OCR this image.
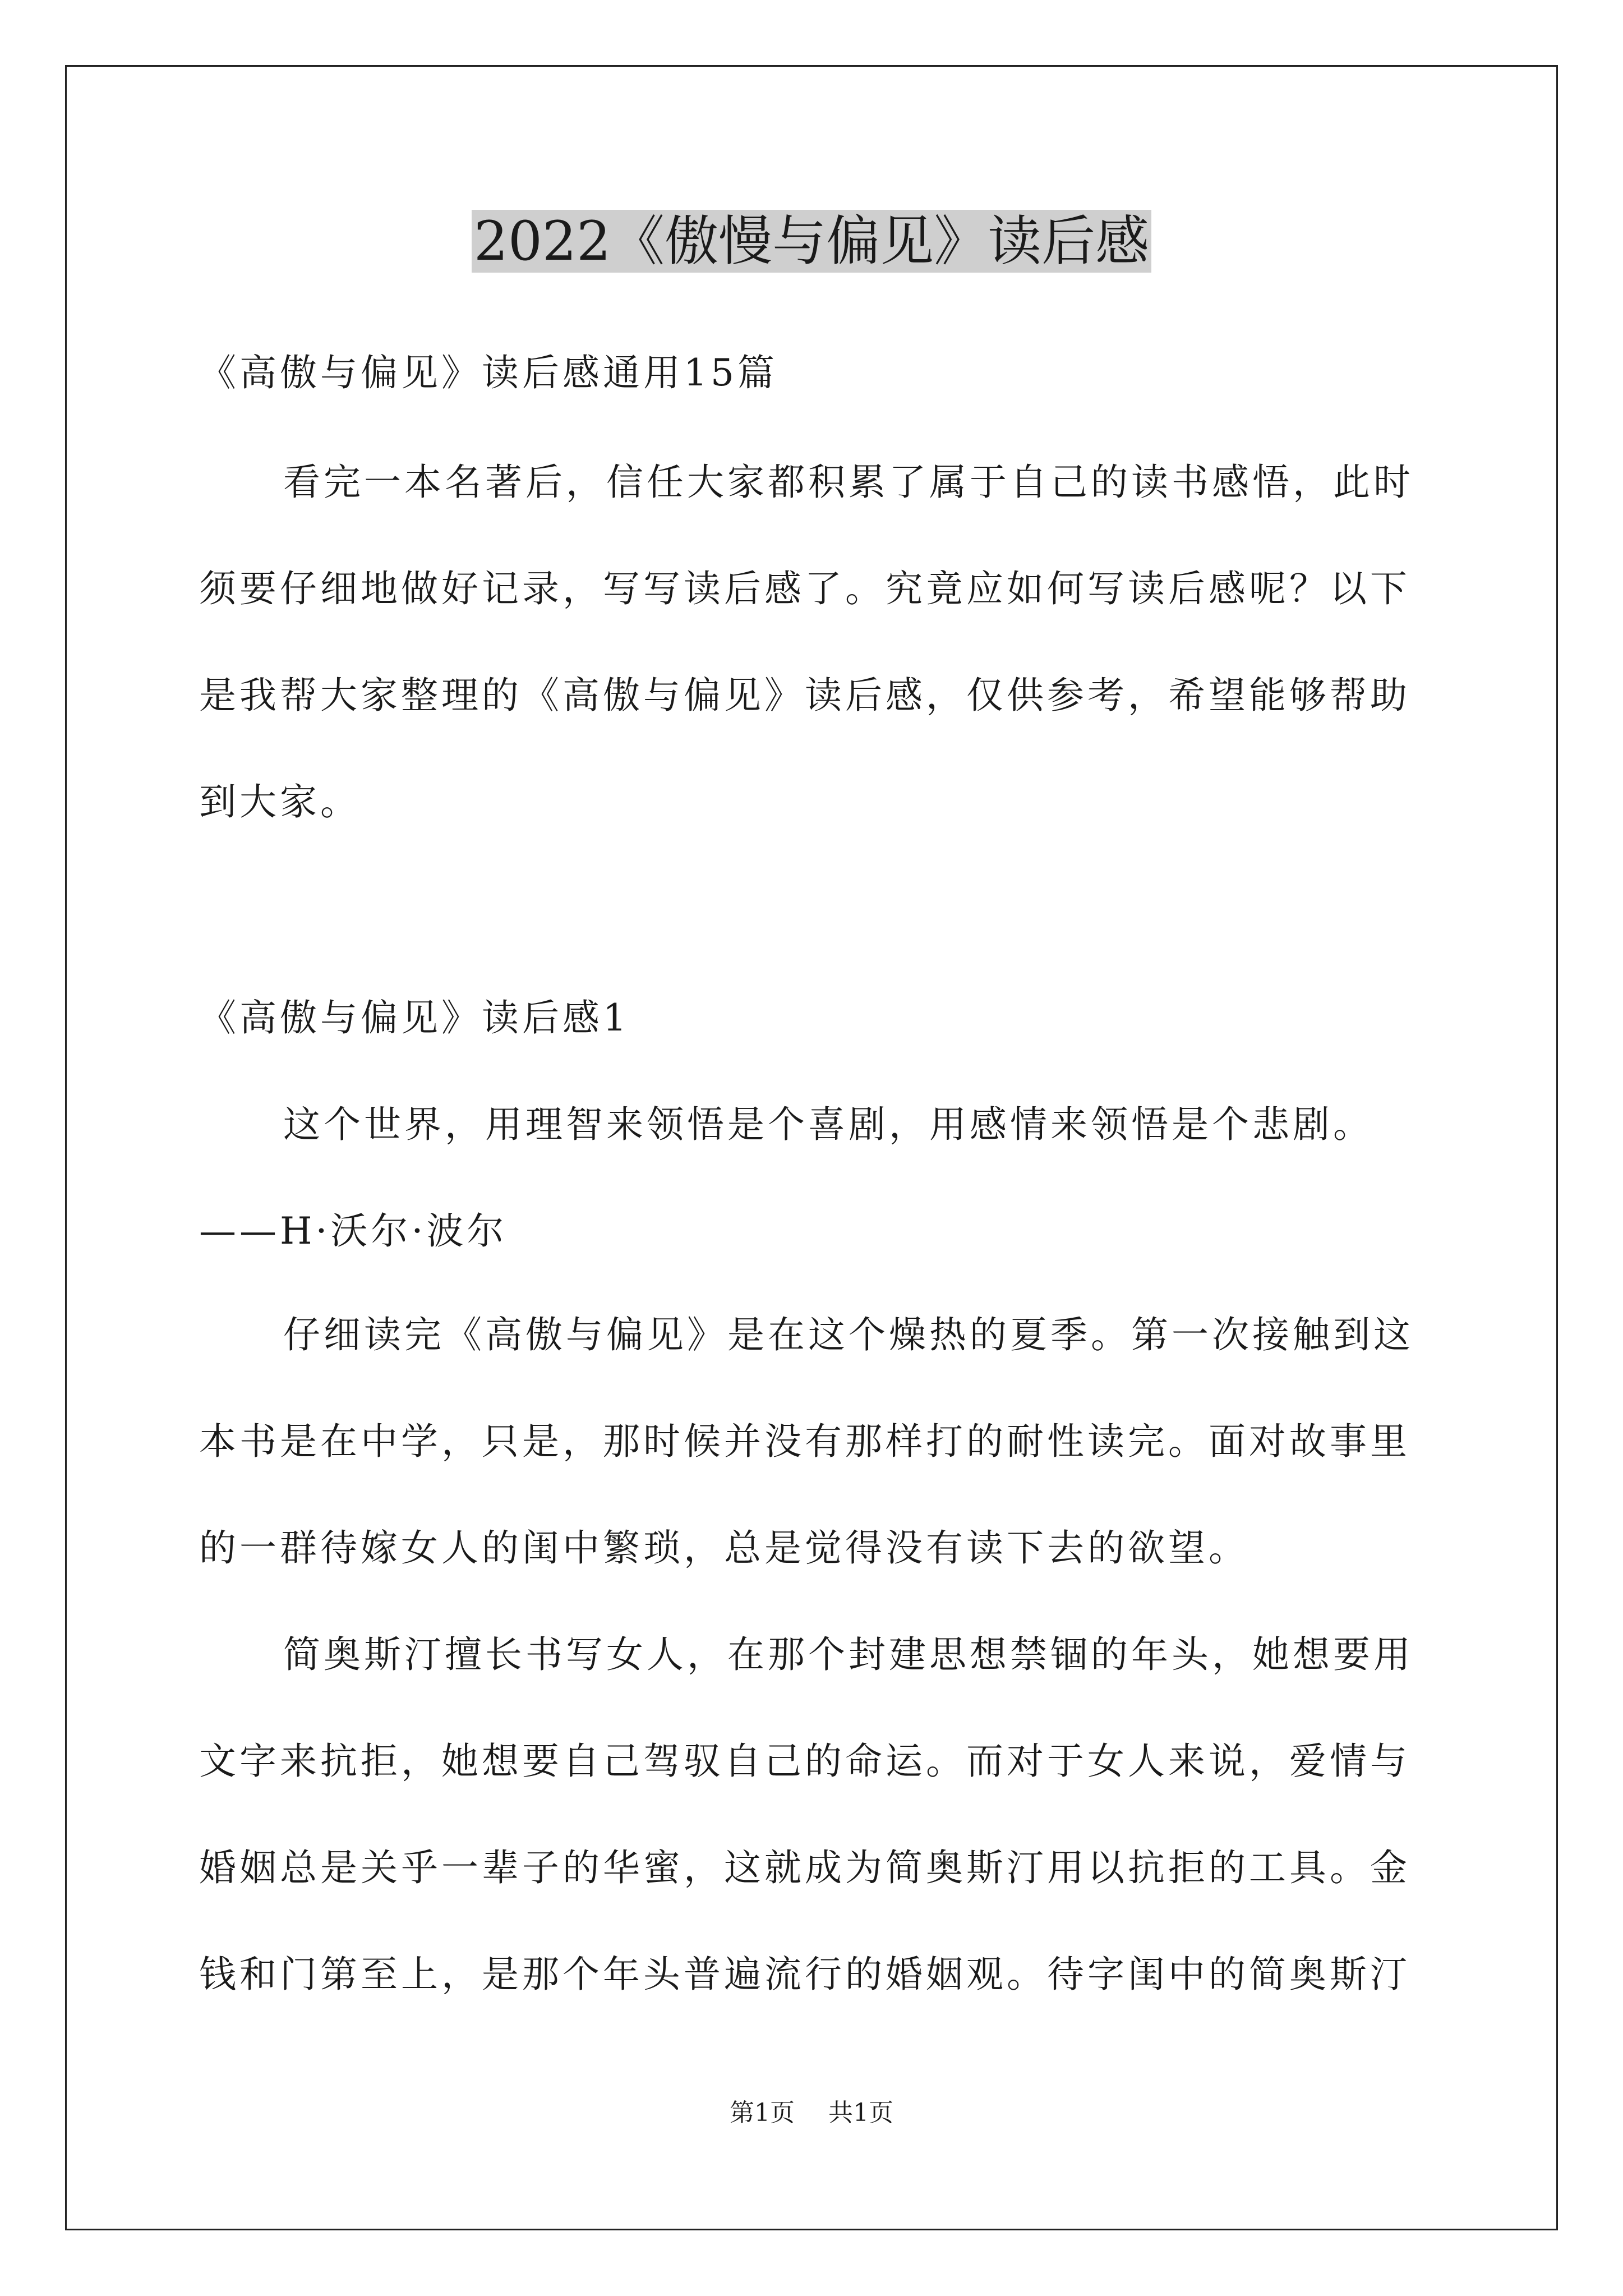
2022《傲慢与偏见》读后感
《高傲与偏见》读后感通用15篇
看完一本名著后，信任大家都积累了属于自己的读书感悟，此时
须要仔细地做好记录，写写读后感了。究竟应如何写读后感呢？以下
是我帮大家整理的《高傲与偏见》读后感，仅供参考，希望能够帮助
到大家。
《高傲与偏见》读后感1
这个世界，用理智来领悟是个喜剧，用感情来领悟是个悲剧。
——H·沃尔·波尔
仔细读完《高傲与偏见》是在这个燥热的夏季。第一次接触到这
本书是在中学，只是，那时候并没有那样打的耐性读完。面对故事里
的一群待嫁女人的闺中繁琐，总是觉得没有读下去的欲望。
简奥斯汀擅长书写女人，在那个封建思想禁锢的年头，她想要用
文字来抗拒，她想要自己驾驭自己的命运。而对于女人来说，爱情与
婚姻总是关乎一辈子的华蜜，这就成为简奥斯汀用以抗拒的工具。金
钱和门第至上，是那个年头普遍流行的婚姻观。待字闺中的简奥斯汀
第1页 共1页
